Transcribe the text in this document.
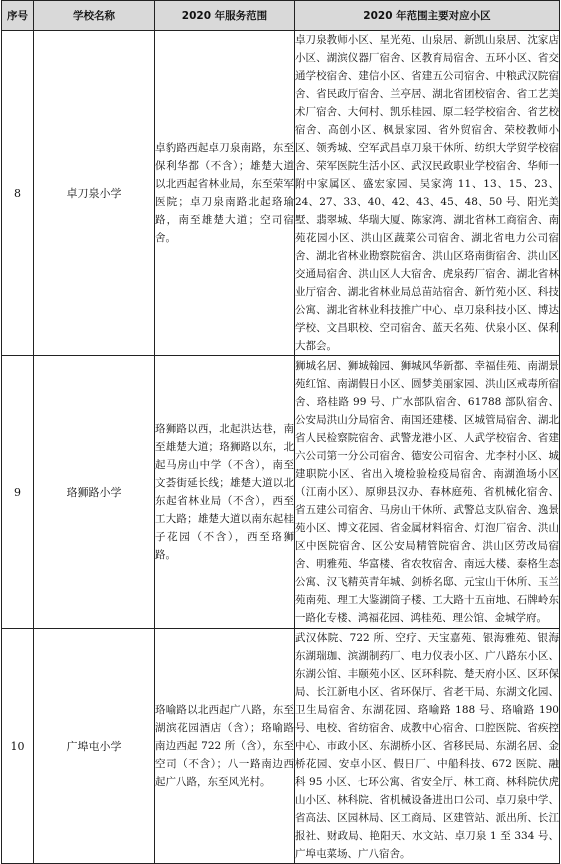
序号	学校名称	2020 年服务范围	2020 年范围主要对应小区
8	卓刀泉小学	卓豹路西起卓刀泉南路，东至保利华都（不含）；雄楚大道以北西起省林业局，东至荣军医院；卓刀泉南路北起珞瑜路，南至雄楚大道；空司宿舍。	卓刀泉教师小区、星光苑、山泉居、新凯山泉居、沈家店小区、湖滨仪器厂宿舍、区教育局宿舍、五环小区、省交通学校宿舍、建信小区、省建五公司宿舍、中粮武汉院宿舍、省民政厅宿舍、兰亭居、湖北省团校宿舍、省工艺美术厂宿舍、大何村、凯乐桂园、原二轻学校宿舍、省艺校宿舍、高创小区、枫景家园、省外贸宿舍、荣校教师小区、领秀城、空军武昌卓刀泉干休所、纺织大学贸学校宿舍、荣军医院生活小区、武汉民政职业学校宿舍、华师一附中家属区、盛宏家园、吴家湾 11、13、15、23、24、27、33、40、42、43、45、48、50 号、阳光美墅、翡翠城、华瑞大厦、陈家湾、湖北省林工商宿舍、南苑花园小区、洪山区蔬菜公司宿舍、湖北省电力公司宿舍、湖北省林业勘察院宿舍、洪山区珞南街宿舍、洪山区交通局宿舍、洪山区人大宿舍、虎泉药厂宿舍、湖北省林业厅宿舍、湖北省林业局总苗站宿舍、新竹苑小区、科技公寓、湖北省林业科技推广中心、卓刀泉科技小区、博达学校、文昌职校、空司宿舍、蓝天名苑、伏泉小区、保利大都会。
9	珞狮路小学	珞狮路以西，北起洪达巷，南至雄楚大道；珞狮路以东，北起马房山中学（不含），南至文荟街延长线；雄楚大道以北东起省林业局（不含），西至工大路；雄楚大道以南东起桂子花园（不含），西至珞狮路。	狮城名居、狮城翰园、狮城风华新都、幸福佳苑、南湖景苑红馆、南湖假日小区、圆梦美丽家园、洪山区戒毒所宿舍、珞桂路 99 号、广水部队宿舍、61788 部队宿舍、公安局洪山分局宿舍、南国还建楼、区城管局宿舍、湖北省人民检察院宿舍、武警龙港小区、人武学校宿舍、省建六公司第一分公司宿舍、德安公司宿舍、尤李村小区、城建职院小区、省出入境检验检疫局宿舍、南湖渔场小区（江南小区）、原卵县汉办、春林庭苑、省机械化宿舍、省五建公司宿舍、马房山干休所、武警总支队宿舍、逸景苑小区、博文花园、省金属材料宿舍、灯泡厂宿舍、洪山区中医院宿舍、区公安局精管院宿舍、洪山区劳改局宿舍、明雅苑、华富楼、省农牧宿舍、南远大楼、泰格生态公寓、汉飞精英青年城、剑桥名邸、元宝山干休所、玉兰苑南苑、理工大鉴湖筒子楼、工大路十五亩地、石牌岭东一路化专楼、鸿福花园、鸿桂苑、理公馆、金城学府。
10	广埠屯小学	珞喻路以北西起广八路，东至湖滨花园酒店（含）；珞喻路南边西起 722 所（含），东至空司（不含）；八一路南边西起广八路，东至风光村。	武汉体院、722 所、空疗、天宝嘉苑、银海雅苑、银海东湖瑞珈、滨湖制药厂、电力仪表小区、广八路东小区、东湖公馆、丰颐苑小区、区环科院、楚天府小区、区环保局、长江新电小区、省环保厅、省老干局、东湖文化园、卫生局宿舍、东湖花园、珞喻路 188 号、珞喻路 190 号、电校、省纺宿舍、成教中心宿舍、口腔医院、省疾控中心、市政小区、东湖桥小区、省移民局、东湖名居、金桥花园、安卓小区、假日厂、中船科技、672 医院、融科 95 小区、七环公寓、省安全厅、林工商、林科院伏虎山小区、林科院、省机械设备进出口公司、卓刀泉中学、省高法、区园林局、区工商局、区建管站、派出所、长江报社、财政局、艳阳天、水文站、卓刀泉 1 至 334 号、广埠屯菜场、广八宿舍。
